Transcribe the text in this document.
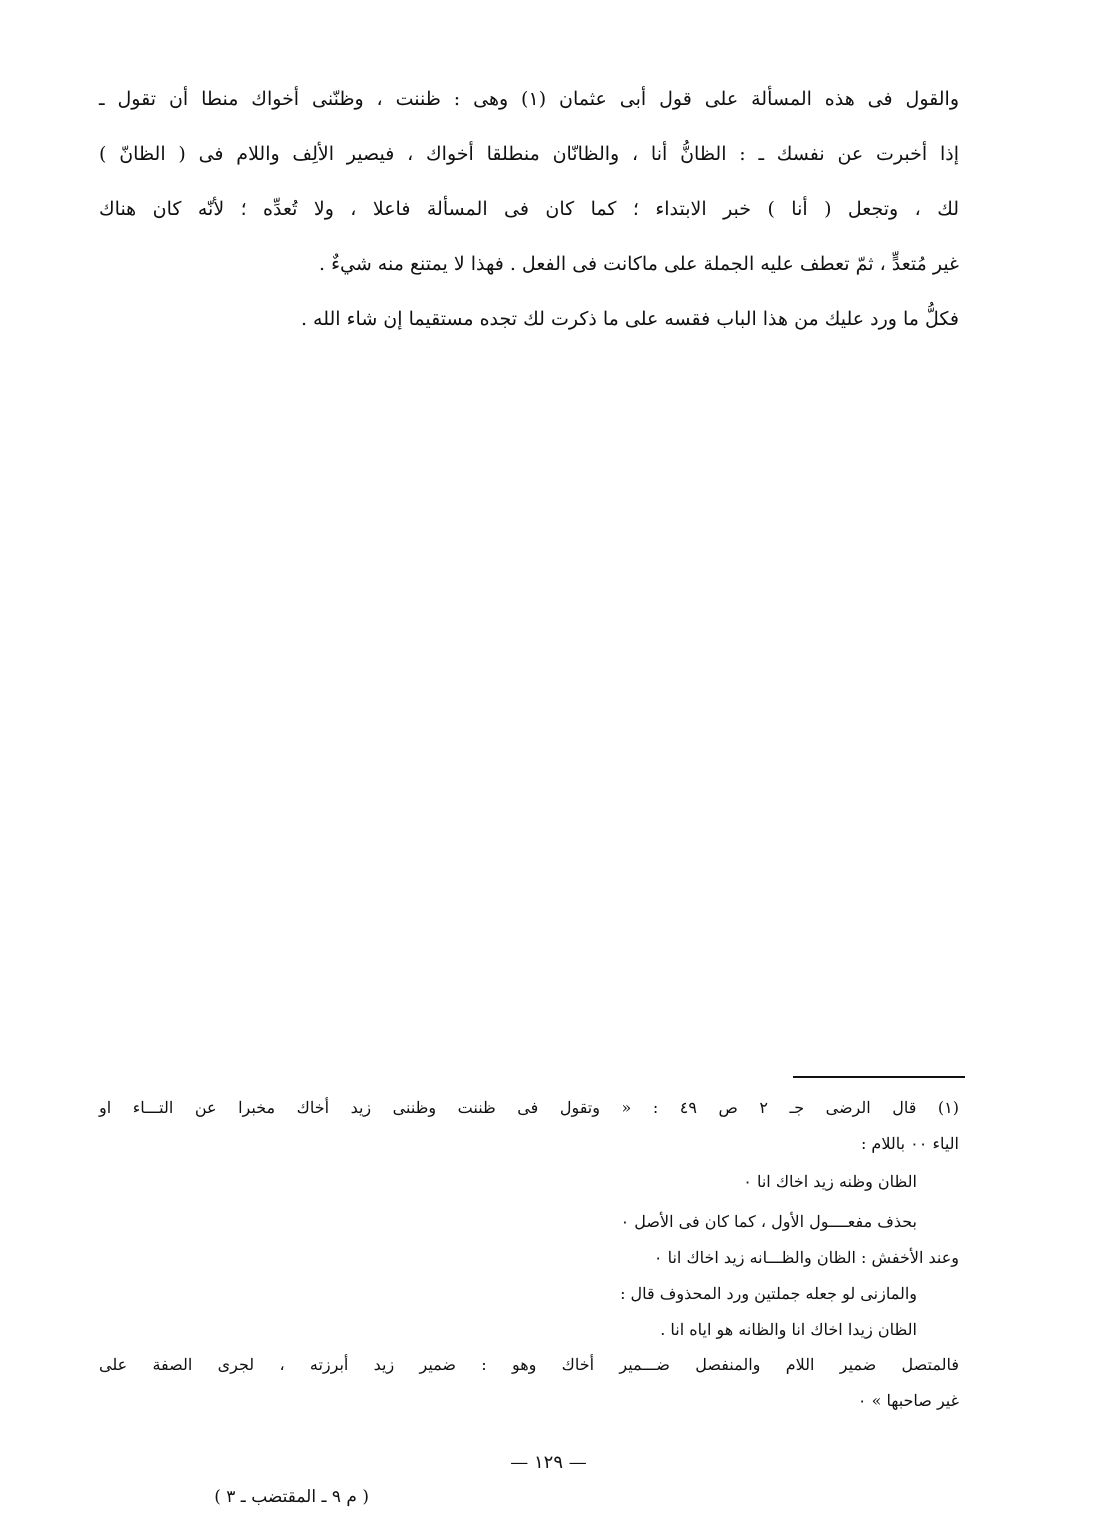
والقول فى هذه المسألة على قول أبى عثمان (١) وهى : ظننت ، وظنّنى أخواك منطا أن تقول ـ
إذا أخبرت عن نفسك ـ : الظانُّ أنا ، والظانّان منطلقا أخواك ، فيصير الألِف واللام فى ( الظانّ )
لك ، وتجعل ( أنا ) خبر الابتداء ؛ كما كان فى المسألة فاعلا ، ولا تُعدِّه ؛ لأنّه كان هناك
غير مُتعدٍّ ، ثمّ تعطف عليه الجملة على ماكانت فى الفعل . فهذا لا يمتنع منه شيءٌ .
فكلُّ ما ورد عليك من هذا الباب فقسه على ما ذكرت لك تجده مستقيما إن شاء الله .
(١) قال الرضى جـ ٢ ص ٤٩ : « وتقول فى ظننت وظننى زيد أخاك مخبرا عن التـــاء او
الياء ٠٠ باللام :
الظان وظنه زيد اخاك انا ٠
بحذف مفعــــول الأول ، كما كان فى الأصل ٠
وعند الأخفش : الظان والظـــانه زيد اخاك انا ٠
والمازنى لو جعله جملتين ورد المحذوف قال :
الظان زيدا اخاك انا والظانه هو اياه انا .
فالمتصل ضمير اللام والمنفصل ضـــمير أخاك وهو : ضمير زيد أبرزته ، لجرى الصفة على
غير صاحبها » ٠
— ١٢٩ —
( م ٩ ـ المقتضب ـ ٣ )
